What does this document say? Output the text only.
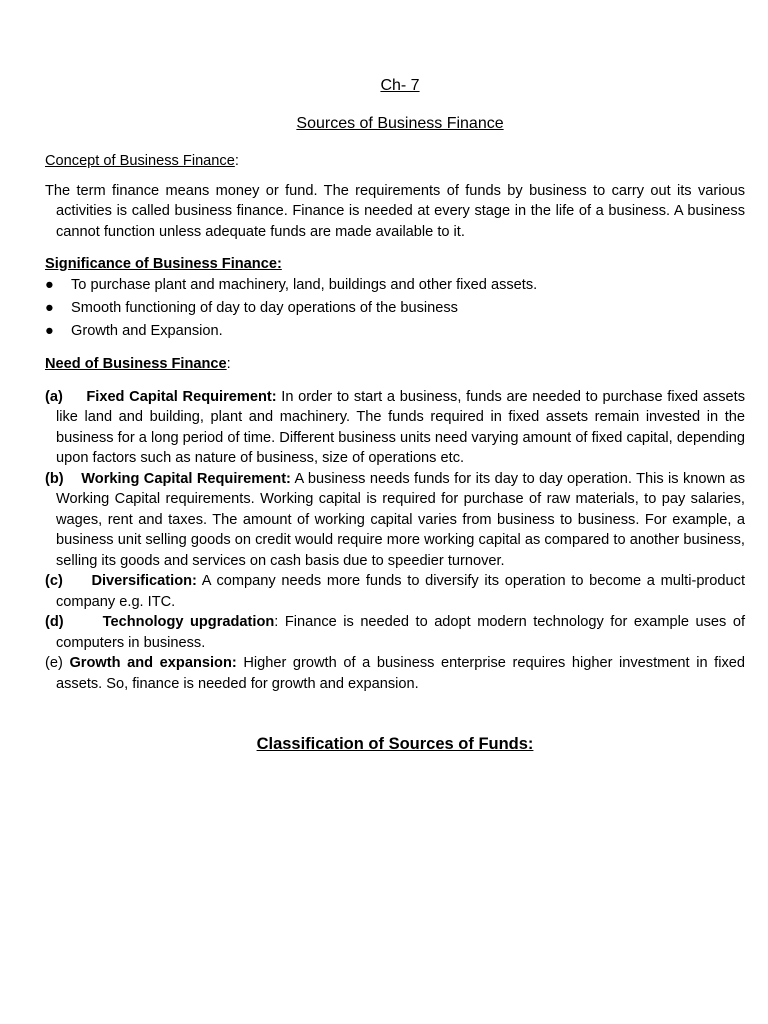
Ch- 7
Sources of Business Finance

Concept of Business Finance:

The term finance means money or fund. The requirements of funds by business to carry out its various activities is called business finance. Finance is needed at every stage in the life of a business. A business cannot function unless adequate funds are made available to it.

Significance of Business Finance:

● To purchase plant and machinery, land, buildings and other fixed assets.
● Smooth functioning of day to day operations of the business
● Growth and Expansion.

Need of Business Finance:

(a) Fixed Capital Requirement: In order to start a business, funds are needed to purchase fixed assets like land and building, plant and machinery. The funds required in fixed assets remain invested in the business for a long period of time. Different business units need varying amount of fixed capital, depending upon factors such as nature of business, size of operations etc.

(b) Working Capital Requirement: A business needs funds for its day to day operation. This is known as Working Capital requirements. Working capital is required for purchase of raw materials, to pay salaries, wages, rent and taxes. The amount of working capital varies from business to business. For example, a business unit selling goods on credit would require more working capital as compared to another business, selling its goods and services on cash basis due to speedier turnover.

(c) Diversification: A company needs more funds to diversify its operation to become a multi-product company e.g. ITC.

(d)	Technology upgradation: Finance is needed to adopt modern technology for example uses of computers in business.

(e) Growth and expansion: Higher growth of a business enterprise requires higher investment in fixed assets. So, finance is needed for growth and expansion.

Classification of Sources of Funds:
